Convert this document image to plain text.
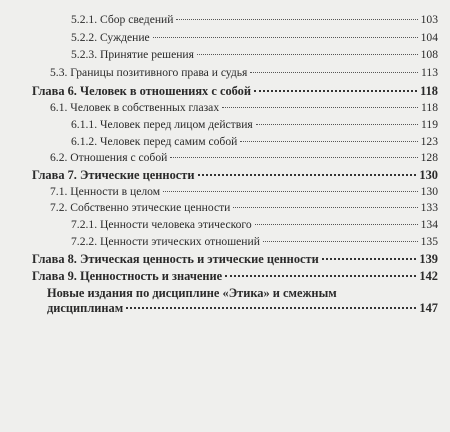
5.2.1. Сбор сведений	103
5.2.2. Суждение	104
5.2.3. Принятие решения	108
5.3. Границы позитивного права и судья	113
Глава 6. Человек в отношениях с собой	118
6.1. Человек в собственных глазах	118
6.1.1. Человек перед лицом действия	119
6.1.2. Человек перед самим собой	123
6.2. Отношения с собой	128
Глава 7. Этические ценности	130
7.1. Ценности в целом	130
7.2. Собственно этические ценности	133
7.2.1. Ценности человека этического	134
7.2.2. Ценности этических отношений	135
Глава 8. Этическая ценность и этические ценности	139
Глава 9. Ценностность и значение	142
Новые издания по дисциплине «Этика» и смежным
дисциплинам	147
